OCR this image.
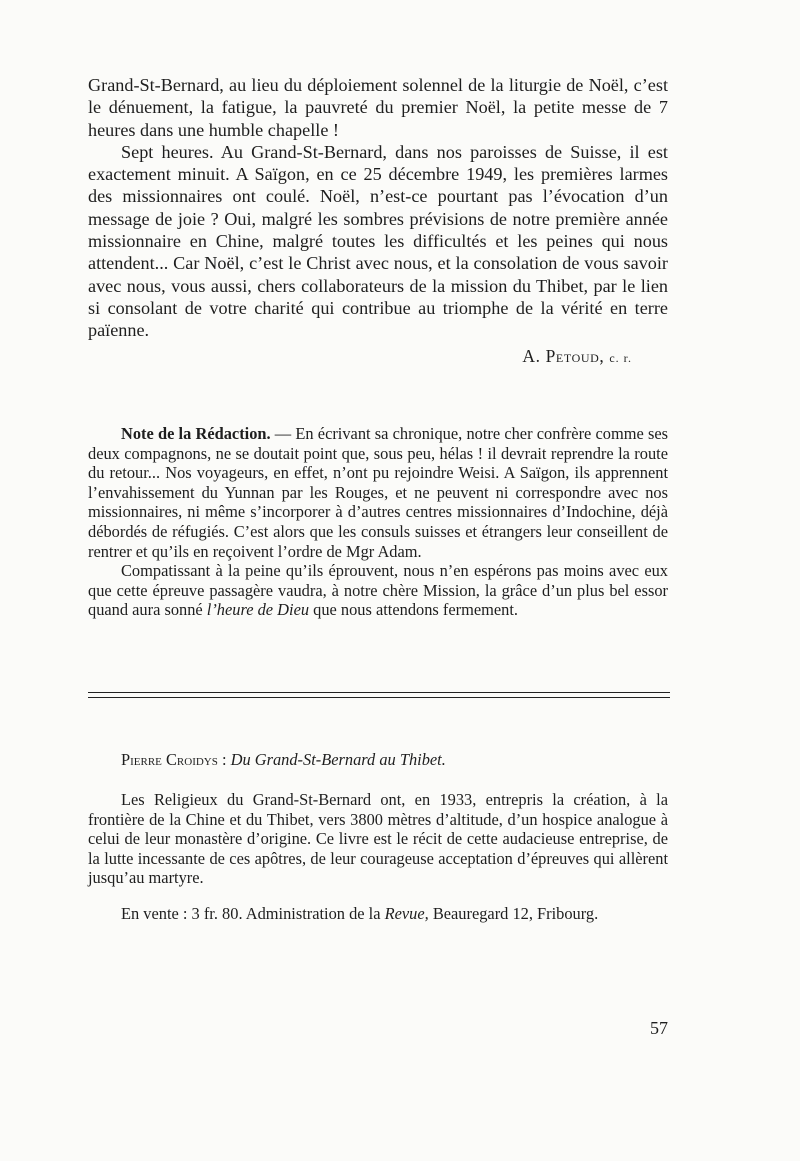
Grand-St-Bernard, au lieu du déploiement solennel de la liturgie de Noël, c’est le dénuement, la fatigue, la pauvreté du premier Noël, la petite messe de 7 heures dans une humble chapelle !

Sept heures. Au Grand-St-Bernard, dans nos paroisses de Suisse, il est exactement minuit. A Saïgon, en ce 25 décembre 1949, les premières larmes des missionnaires ont coulé. Noël, n’est-ce pourtant pas l’évocation d’un message de joie ? Oui, malgré les sombres prévisions de notre première année missionnaire en Chine, malgré toutes les difficultés et les peines qui nous attendent... Car Noël, c’est le Christ avec nous, et la consolation de vous savoir avec nous, vous aussi, chers collaborateurs de la mission du Thibet, par le lien si consolant de votre charité qui contribue au triomphe de la vérité en terre païenne.

A. Petoud, c. r.

Note de la Rédaction. — En écrivant sa chronique, notre cher confrère comme ses deux compagnons, ne se doutait point que, sous peu, hélas ! il devrait reprendre la route du retour... Nos voyageurs, en effet, n’ont pu rejoindre Weisi. A Saïgon, ils apprennent l’envahissement du Yunnan par les Rouges, et ne peuvent ni correspondre avec nos missionnaires, ni même s’incorporer à d’autres centres missionnaires d’Indochine, déjà débordés de réfugiés. C’est alors que les consuls suisses et étrangers leur conseillent de rentrer et qu’ils en reçoivent l’ordre de Mgr Adam.

Compatissant à la peine qu’ils éprouvent, nous n’en espérons pas moins avec eux que cette épreuve passagère vaudra, à notre chère Mission, la grâce d’un plus bel essor quand aura sonné l’heure de Dieu que nous attendons fermement.

Pierre Croidys : Du Grand-St-Bernard au Thibet.

Les Religieux du Grand-St-Bernard ont, en 1933, entrepris la création, à la frontière de la Chine et du Thibet, vers 3800 mètres d’altitude, d’un hospice analogue à celui de leur monastère d’origine. Ce livre est le récit de cette audacieuse entreprise, de la lutte incessante de ces apôtres, de leur courageuse acceptation d’épreuves qui allèrent jusqu’au martyre.

En vente : 3 fr. 80. Administration de la Revue, Beauregard 12, Fribourg.

57
